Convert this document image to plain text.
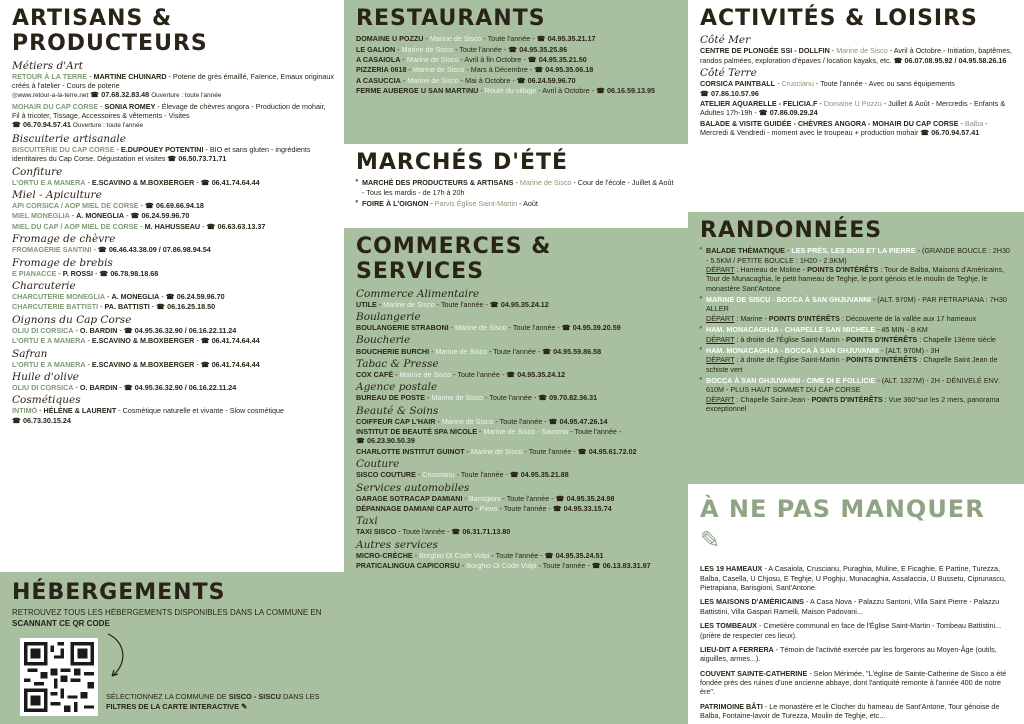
ARTISANS & PRODUCTEURS
Métiers d'Art
RETOUR À LA TERRE - MARTINE CHUINARD - Poterie de grès émaillé, Faïence, Emaux originaux créés à l'atelier - Cours de poterie
◎ www.retour-a-la-terre.net ☎ 07.68.32.83.48 Ouverture : toute l'année
MOHAIR DU CAP CORSE - SONIA ROMEY - Élevage de chèvres angora - Production de mohair, Fil à tricoter, Tissage, Accessoires & vêtements - Visites
☎ 06.70.94.57.41 Ouverture : toute l'année
Biscuiterie artisanale
BISCUITERIE DU CAP CORSE - E.DUPOUEY POTENTINI - BIO et sans gluten - ingrédients identitaires du Cap Corse. Dégustation et visites ☎ 06.50.73.71.71
Confiture
L'ORTU E A MANERA - E.SCAVINO & M.BOXBERGER - ☎ 06.41.74.64.44
Miel - Apiculture
API CORSICA / AOP MIEL DE CORSE - ☎ 06.69.66.94.18
MIEL MONEGLIA - A. MONEGLIA - ☎ 06.24.59.96.70
MIEL DU CAP / AOP MIEL DE CORSE - M. HAHUSSEAU - ☎ 06.63.63.13.37
Fromage de chèvre
FROMAGERIE SANTINI - ☎ 06.46.43.38.09 / 07.86.98.94.54
Fromage de brebis
E PIANACCE - P. ROSSI - ☎ 06.78.98.18.68
Charcuterie
CHARCUTERIE MONEGLIA - A. MONEGLIA - ☎ 06.24.59.96.70
CHARCUTERIE BATTISTI - PA. BATTISTI - ☎ 06.16.25.18.50
Oignons du Cap Corse
OLIU DI CORSICA - O. BARDIN - ☎ 04.95.36.32.90 / 06.16.22.11.24
L'ORTU E A MANERA - E.SCAVINO & M.BOXBERGER - ☎ 06.41.74.64.44
Safran
L'ORTU E A MANERA - E.SCAVINO & M.BOXBERGER - ☎ 06.41.74.64.44
Huile d'olive
OLIU DI CORSICA - O. BARDIN - ☎ 04.95.36.32.90 / 06.16.22.11.24
Cosmétiques
INTIMÒ - HÉLÈNE & LAURENT - Cosmétique naturelle et vivante - Slow cosmétique ☎ 06.73.30.15.24
HÉBERGEMENTS
RETROUVEZ TOUS LES HÉBERGEMENTS DISPONIBLES DANS LA COMMUNE EN SCANNANT CE QR CODE
SÉLECTIONNEZ LA COMMUNE DE SISCO - SISCU DANS LES FILTRES DE LA CARTE INTERACTIVE ✎
RESTAURANTS
DOMAINE U POZZU - Marine de Sisco - Toute l'année - ☎ 04.95.35.21.17
LE GALION - Marine de Sisco - Toute l'année - ☎ 04.95.35.25.86
A CASAIOLA - Marine de Sisco - Avril à fin Octobre - ☎ 04.95.35.21.50
PIZZERIA 0618 - Marine de Sisco - Mars à Décembre - ☎ 04.95.35.06.18
A CASUCCIA - Marine de Sisco - Mai à Octobre - ☎ 06.24.59.96.70
FERME AUBERGE U SAN MARTINU - Route du village - Avril à Octobre - ☎ 06.16.59.13.95
MARCHÉS D'ÉTÉ
● MARCHÉ DES PRODUCTEURS & ARTISANS - Marine de Sisco - Cour de l'école - Juillet & Août - Tous les mardis - de 17h à 20h
● FOIRE À L'OIGNON - Parvis Église Saint-Martin - Août
COMMERCES & SERVICES
Commerce Alimentaire
UTILE - Marine de Sisco - Toute l'année - ☎ 04.95.35.24.12
Boulangerie
BOULANGERIE STRABONI - Marine de Sisco - Toute l'année - ☎ 04.95.39.20.59
Boucherie
BOUCHERIE BURCHI - Marine de Sisco - Toute l'année - ☎ 04.95.59.86.58
Tabac & Presse
COX CAFÉ - Marine de Sisco - Toute l'année - ☎ 04.95.35.24.12
Agence postale
BUREAU DE POSTE - Marine de Sisco - Toute l'année - ☎ 09.70.82.36.31
Beauté & Soins
COIFFEUR CAP L'HAIR - Marine de Sisco - Toute l'année - ☎ 04.95.47.26.14
INSTITUT DE BEAUTÉ SPA NICOLE - Marine de Sisco - Savorna - Toute l'année - ☎ 06.23.90.50.39
CHARLOTTE INSTITUT GUINOT - Marine de Sisco - Toute l'année - ☎ 04.95.61.72.02
Couture
SISCO COUTURE - Cruscianu - Toute l'année - ☎ 04.95.35.21.88
Services automobiles
GARAGE SOTRACAP DAMIANI - Barisgioni - Toute l'année - ☎ 04.95.35.24.98
DÉPANNAGE DAMIANI CAP AUTO - Pievo - Toute l'année - ☎ 04.95.33.15.74
Taxi
TAXI SISCO - Toute l'année - ☎ 06.31.71.13.80
Autres services
MICRO-CRÈCHE - Borghio Di Code Volpi - Toute l'année - ☎ 04.95.35.24.51
PRATICALINGUA CAPICORSU - Borghio Di Code Volpi - Toute l'année - ☎ 06.13.83.31.97
ACTIVITÉS & LOISIRS
Côté Mer
CENTRE DE PLONGÉE SSI - DOLLFIN - Marine de Sisco - Avril à Octobre - Initiation, baptêmes, randos palmées, exploration d'épaves / location kayaks, etc. ☎ 06.07.08.95.92 / 04.95.58.26.16
Côté Terre
CORSICA PAINTBALL - Cruscianu - Toute l'année - Avec ou sans équipements ☎ 07.86.10.57.96
ATELIER AQUARELLE - FELICIA.F - Domaine U Pozzu - Juillet & Août - Mercredis - Enfants & Adultes 17h-19h - ☎ 07.86.09.29.24
BALADE & VISITE GUIDÉE - CHÈVRES ANGORA - MOHAIR DU CAP CORSE - Balba - Mercredi & Vendredi - moment avec le troupeau + production mohair ☎ 06.70.94.57.41
RANDONNÉES
● BALADE THÉMATIQUE - LES PRÉS, LES BOIS ET LA PIERRE - (GRANDE BOUCLE : 2H30 - 5.5KM / PETITE BOUCLE : 1H20 - 2.9KM)
DÉPART : Hameau de Moline - POINTS D'INTÉRÊTS : Tour de Balba, Maisons d'Américains, Tour de Munacaghia, le petit hameau de Teghje, le pont génois et le moulin de Teghje, le monastère Sant'Antone
● MARINE DE SISCU - BOCCA À SAN GHJUVANNI - (ALT. 970M) - PAR PETRAPIANA : 7H30 ALLER
DÉPART : Marine - POINTS D'INTÉRÊTS : Découverte de la vallée aux 17 hameaux
● HAM. MONACAGHJA - CHAPELLE SAN MICHELE - 45 MIN - 8 KM
DÉPART : à droite de l'Église Saint-Martin - POINTS D'INTÉRÊTS : Chapelle 13ème siècle
● HAM. MONACAGHJA - BOCCA À SAN GHJUVANNI - (ALT. 970M) - 3H
DÉPART : à droite de l'Église Saint-Martin - POINTS D'INTÉRÊTS : Chapelle Saint Jean de schiste vert
● BOCCA À SAN GHJUVANNI - CIME DI E FOLLICIE - (ALT. 1327M) - 2H - DÉNIVELÉ ENV. 610M - PLUS HAUT SOMMET DU CAP CORSE
DÉPART : Chapelle Saint-Jean - POINTS D'INTÉRÊTS : Vue 360°sur les 2 mers, panorama exceptionnel
À NE PAS MANQUER ✎
LES 19 HAMEAUX - A Casaiola, Cruscianu, Puraghia, Muline, E Ficaghie, E Partine, Turezza, Balba, Casella, U Chjosu, E Teghje, U Poghju, Munacaghia, Assalaccia, U Bussetu, Ciprunascu, Pietrapiana, Barisgioni, Sant'Antone.
LES MAISONS D'AMÉRICAINS - A Casa Nova - Palazzu Santoni, Villa Saint Pierre - Palazzu Battistini, Villa Gaspari Ramelli, Maison Padovani...
LES TOMBEAUX - Cimetière communal en face de l'Église Saint-Martin - Tombeau Battistini... (prière de respecter ces lieux).
LIEU-DIT A FERRERA - Témoin de l'activité exercée par les forgerons au Moyen-Âge (outils, aiguilles, armes...).
COUVENT SAINTE-CATHERINE - Selon Mérimée, "L'église de Sainte-Catherine de Sisco a été fondée près des ruines d'une ancienne abbaye, dont l'antiquité remonte à l'année 400 de notre ère".
PATRIMOINE BÂTI - Le monastère et le Clocher du hameau de Sant'Antone, Tour génoise de Balba, Fontaine-lavoir de Turezza, Moulin de Teghje, etc...
